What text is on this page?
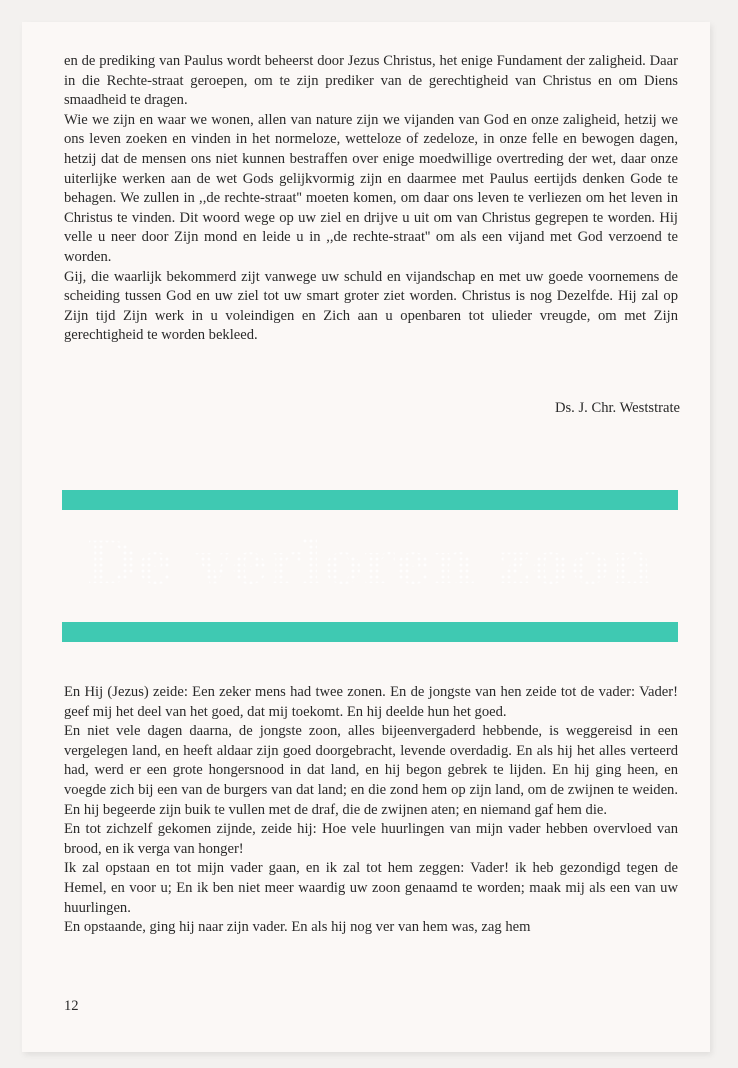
en de prediking van Paulus wordt beheerst door Jezus Christus, het enige Fundament der zaligheid. Daar in die Rechte-straat geroepen, om te zijn prediker van de gerechtigheid van Christus en om Diens smaadheid te dragen.

Wie we zijn en waar we wonen, allen van nature zijn we vijanden van God en onze zaligheid, hetzij we ons leven zoeken en vinden in het normeloze, wetteloze of zedeloze, in onze felle en bewogen dagen, hetzij dat de mensen ons niet kunnen bestraffen over enige moedwillige overtreding der wet, daar onze uiterlijke werken aan de wet Gods gelijkvormig zijn en daarmee met Paulus eertijds denken Gode te behagen. We zullen in ,,de rechte-straat'' moeten komen, om daar ons leven te verliezen om het leven in Christus te vinden. Dit woord wege op uw ziel en drijve u uit om van Christus gegrepen te worden. Hij velle u neer door Zijn mond en leide u in ,,de rechte-straat'' om als een vijand met God verzoend te worden.

Gij, die waarlijk bekommerd zijt vanwege uw schuld en vijandschap en met uw goede voornemens de scheiding tussen God en uw ziel tot uw smart groter ziet worden. Christus is nog Dezelfde. Hij zal op Zijn tijd Zijn werk in u voleindigen en Zich aan u openbaren tot ulieder vreugde, om met Zijn gerechtigheid te worden bekleed.

Ds. J. Chr. Weststrate
De verloren zoon

En Hij (Jezus) zeide: Een zeker mens had twee zonen. En de jongste van hen zeide tot de vader: Vader! geef mij het deel van het goed, dat mij toekomt. En hij deelde hun het goed.

En niet vele dagen daarna, de jongste zoon, alles bijeenvergaderd hebbende, is weggereisd in een vergelegen land, en heeft aldaar zijn goed doorgebracht, levende overdadig. En als hij het alles verteerd had, werd er een grote hongersnood in dat land, en hij begon gebrek te lijden. En hij ging heen, en voegde zich bij een van de burgers van dat land; en die zond hem op zijn land, om de zwijnen te weiden. En hij begeerde zijn buik te vullen met de draf, die de zwijnen aten; en niemand gaf hem die.

En tot zichzelf gekomen zijnde, zeide hij: Hoe vele huurlingen van mijn vader hebben overvloed van brood, en ik verga van honger!

Ik zal opstaan en tot mijn vader gaan, en ik zal tot hem zeggen: Vader! ik heb gezondigd tegen de Hemel, en voor u; En ik ben niet meer waardig uw zoon genaamd te worden; maak mij als een van uw huurlingen.

En opstaande, ging hij naar zijn vader. En als hij nog ver van hem was, zag hem

12
